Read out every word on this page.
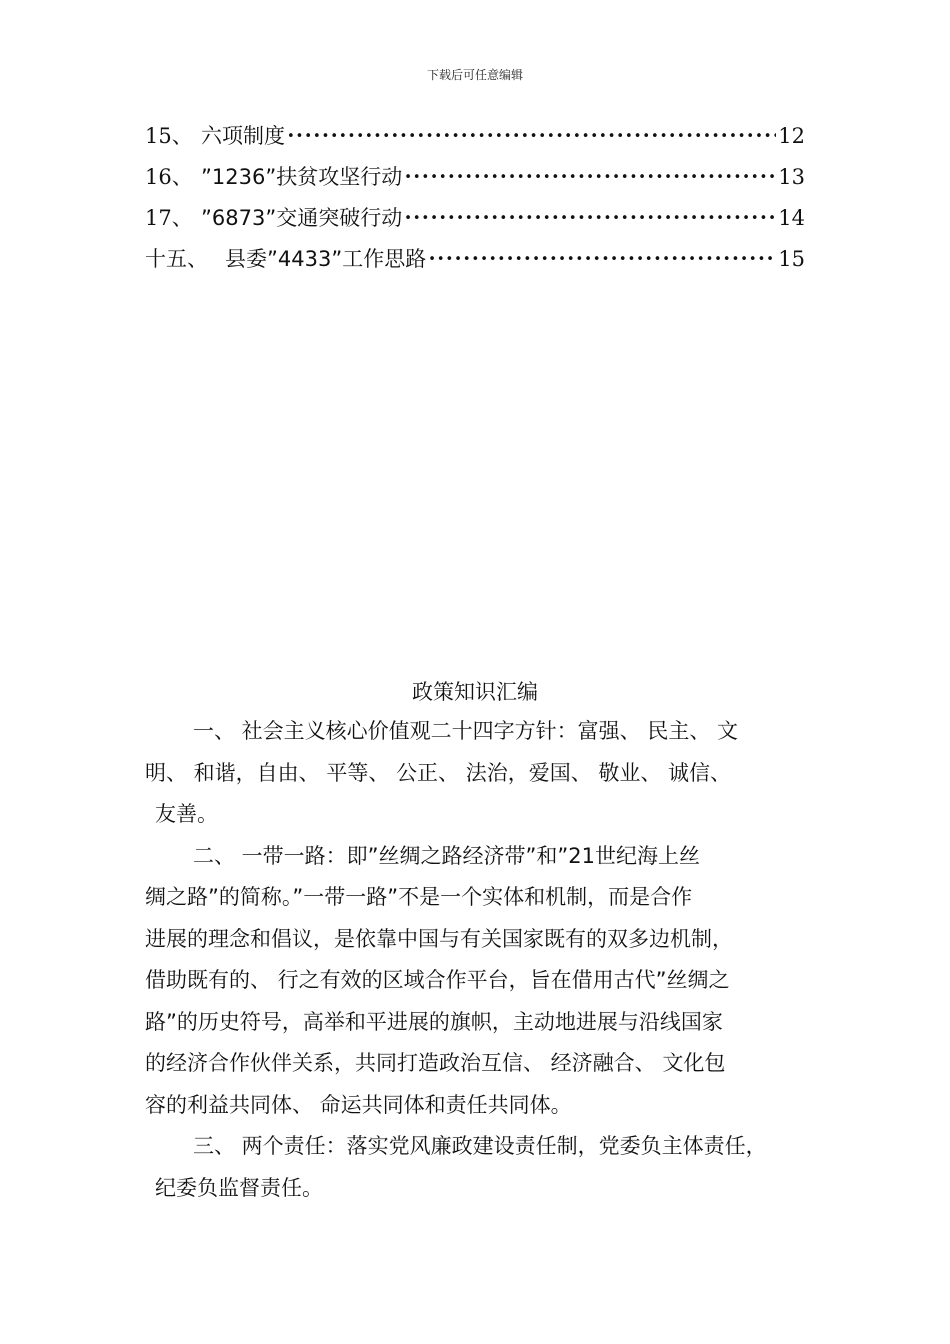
下载后可任意编辑
15、 六项制度 •••••	12
16、 ”1236”扶贫攻坚行动 •••••	13
17、 ”6873”交通突破行动 •••••	14
十五、 县委”4433”工作思路 •••••	15
政策知识汇编
一、 社会主义核心价值观二十四字方针：富强、 民主、 文
明、 和谐，自由、 平等、 公正、 法治，爱国、 敬业、 诚信、
友善。
二、 一带一路：即”丝绸之路经济带”和”21世纪海上丝
绸之路”的简称。”一带一路”不是一个实体和机制，而是合作
进展的理念和倡议，是依靠中国与有关国家既有的双多边机制，
借助既有的、 行之有效的区域合作平台，旨在借用古代”丝绸之
路”的历史符号，高举和平进展的旗帜，主动地进展与沿线国家
的经济合作伙伴关系，共同打造政治互信、 经济融合、 文化包
容的利益共同体、 命运共同体和责任共同体。
三、 两个责任：落实党风廉政建设责任制，党委负主体责任，
纪委负监督责任。
